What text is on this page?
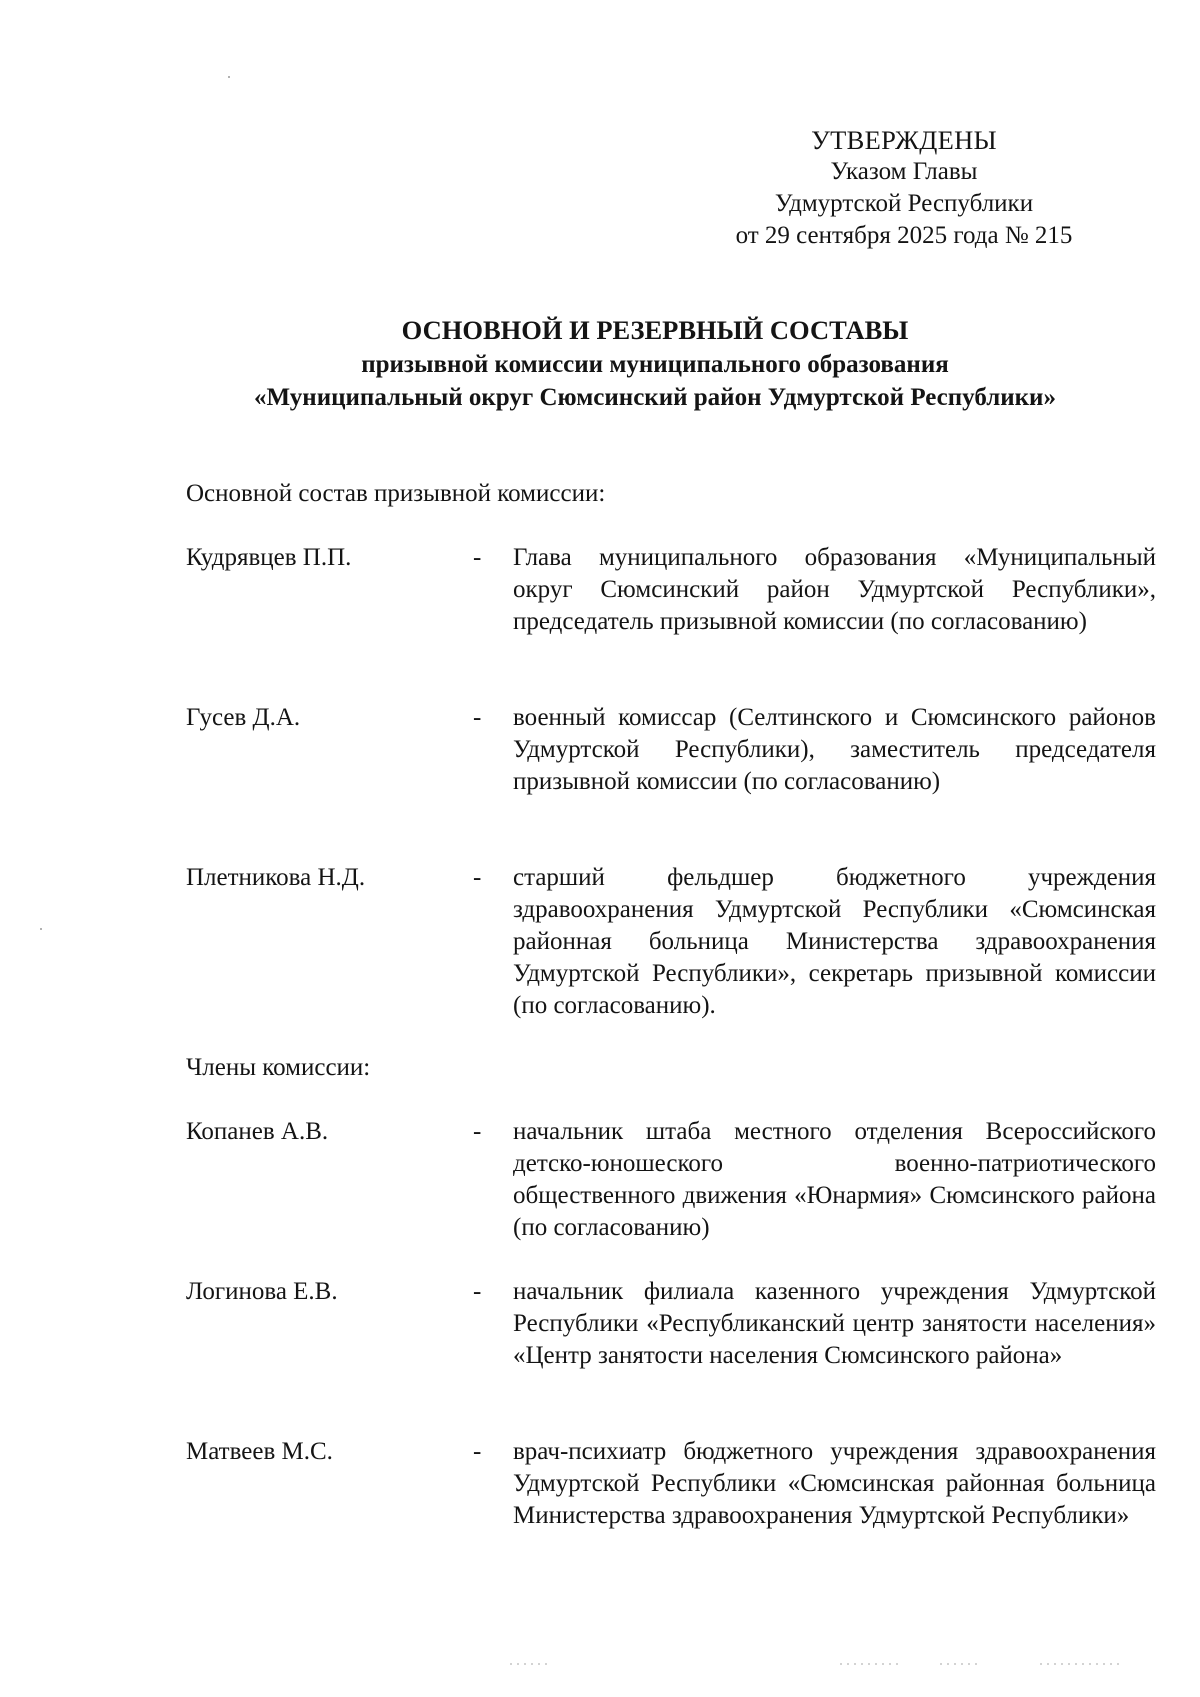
УТВЕРЖДЕНЫ
Указом Главы
Удмуртской Республики
от 29 сентября 2025 года № 215
ОСНОВНОЙ И РЕЗЕРВНЫЙ СОСТАВЫ
призывной комиссии муниципального образования
«Муниципальный округ Сюмсинский район Удмуртской Республики»
Основной состав призывной комиссии:
Кудрявцев П.П.	-	Глава муниципального образования «Муниципальный округ Сюмсинский район Удмуртской Республики», председатель призывной комиссии (по согласованию)
Гусев Д.А.	-	военный комиссар (Селтинского и Сюмсинского районов Удмуртской Республики), заместитель председателя призывной комиссии (по согласованию)
Плетникова Н.Д.	-	старший фельдшер бюджетного учреждения здравоохранения Удмуртской Республики «Сюмсинская районная больница Министерства здравоохранения Удмуртской Республики», секретарь призывной комиссии (по согласованию).
Члены комиссии:
Копанев А.В.	-	начальник штаба местного отделения Всероссийского детско-юношеского военно-патриотического общественного движения «Юнармия» Сюмсинского района (по согласованию)
Логинова Е.В.	-	начальник филиала казенного учреждения Удмуртской Республики «Республиканский центр занятости населения» «Центр занятости населения Сюмсинского района»
Матвеев М.С.	-	врач-психиатр бюджетного учреждения здравоохранения Удмуртской Республики «Сюмсинская районная больница Министерства здравоохранения Удмуртской Республики»
